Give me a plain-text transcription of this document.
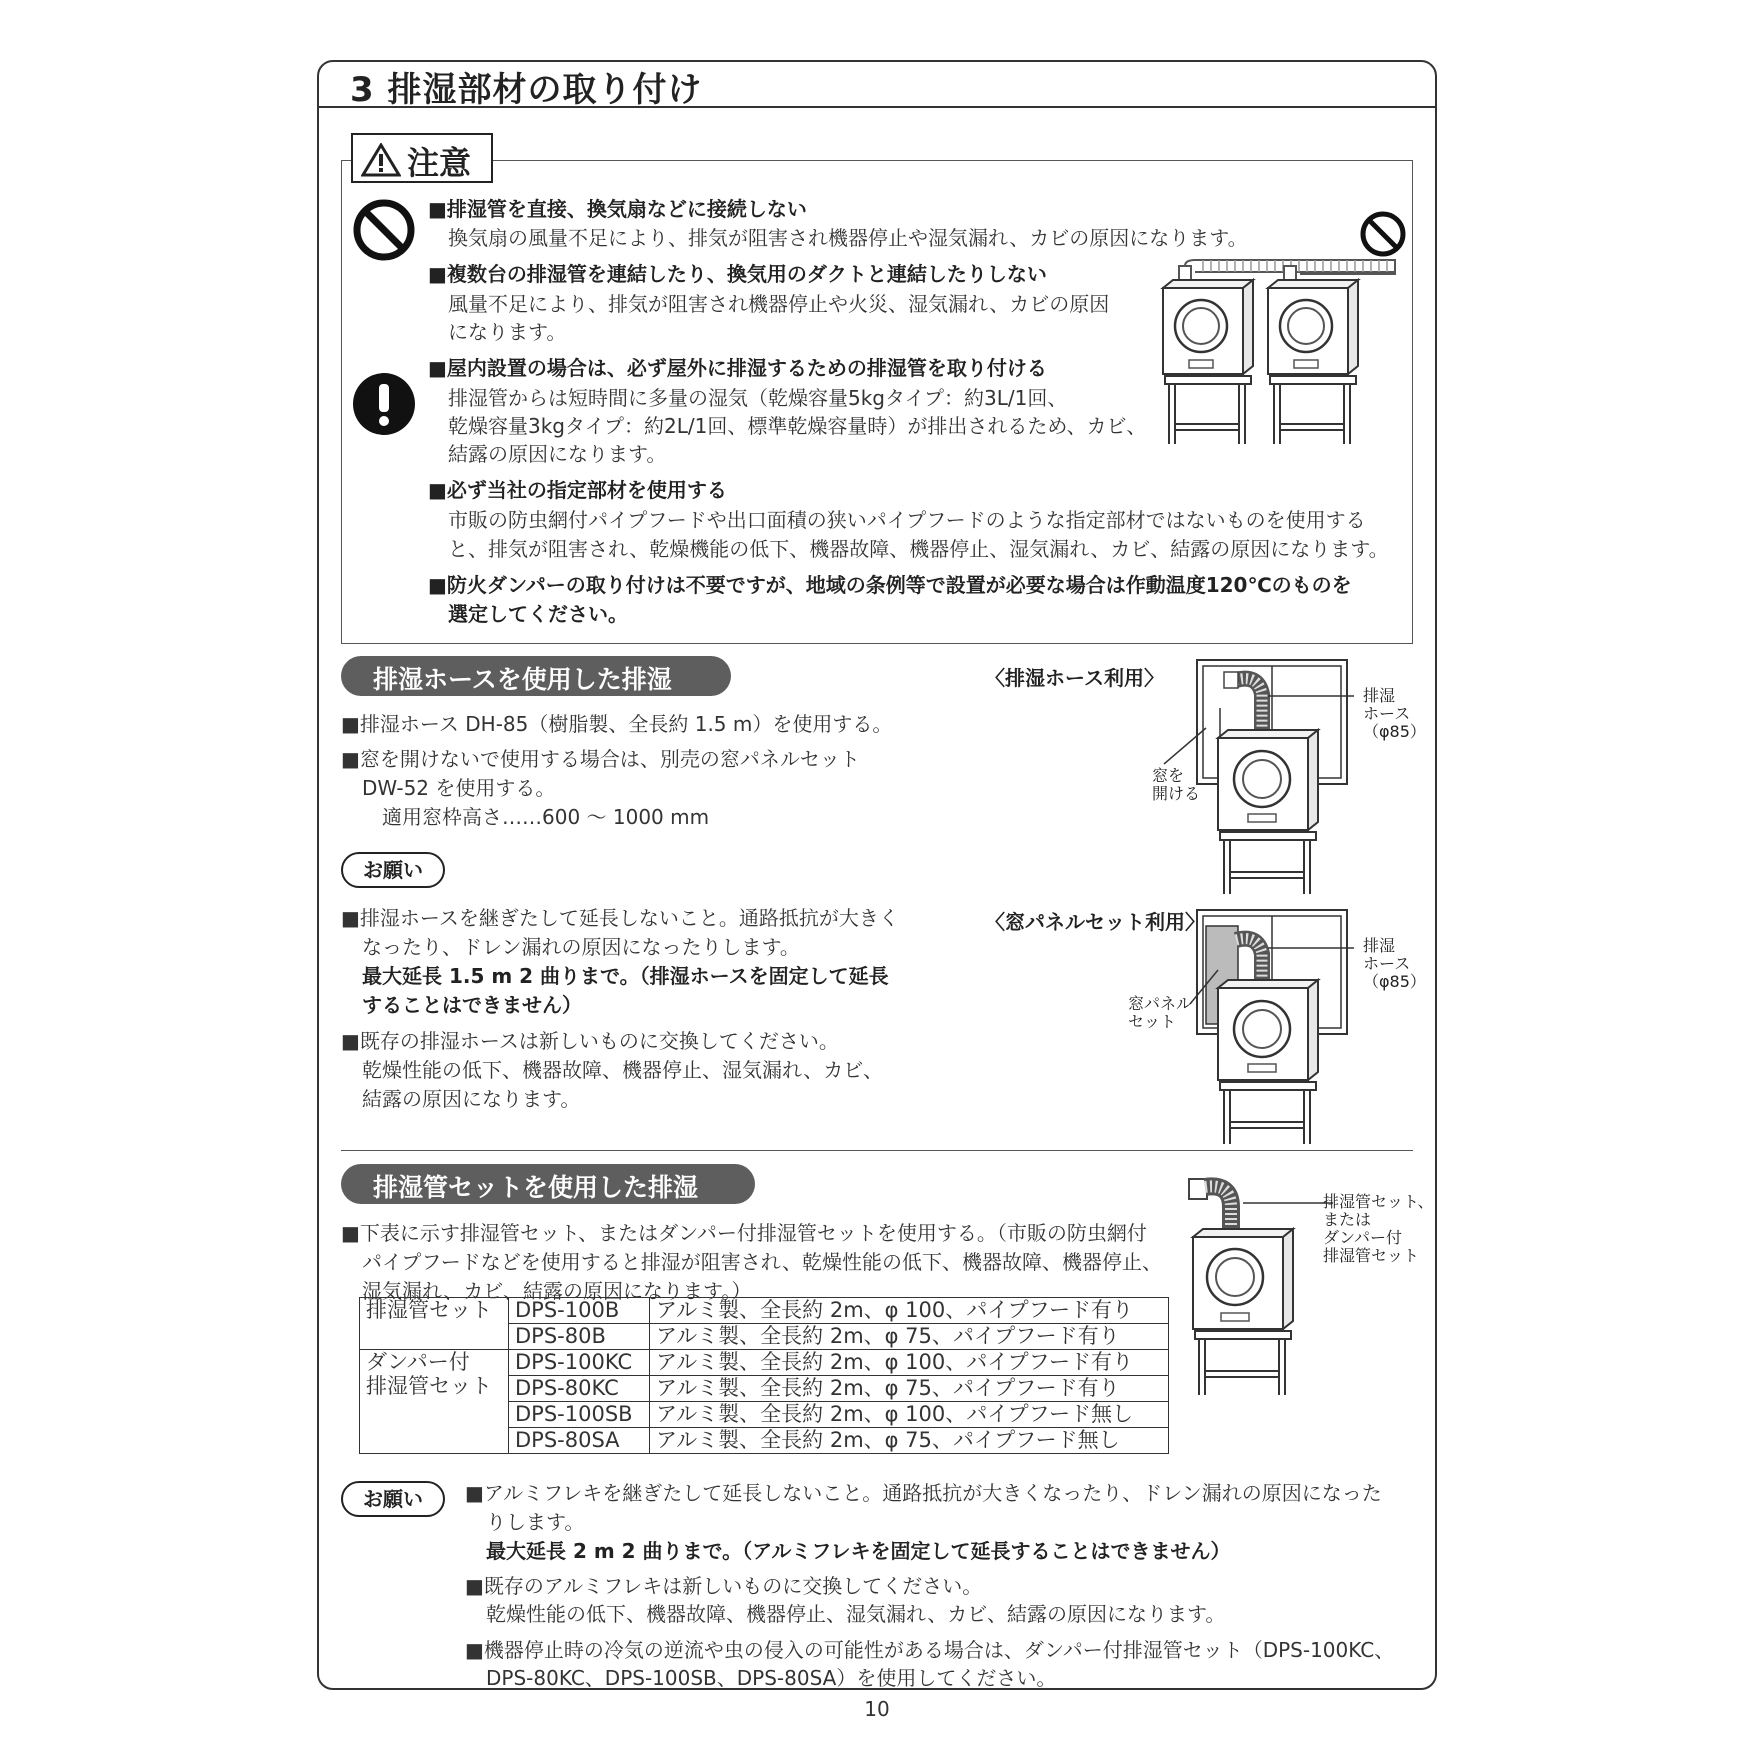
3 排湿部材の取り付け
注意
■排湿管を直接、換気扇などに接続しない
換気扇の風量不足により、排気が阻害され機器停止や湿気漏れ、カビの原因になります。
■複数台の排湿管を連結したり、換気用のダクトと連結したりしない
風量不足により、排気が阻害され機器停止や火災、湿気漏れ、カビの原因
になります。
■屋内設置の場合は、必ず屋外に排湿するための排湿管を取り付ける
排湿管からは短時間に多量の湿気（乾燥容量5kgタイプ：約3L/1回、
乾燥容量3kgタイプ：約2L/1回、標準乾燥容量時）が排出されるため、カビ、
結露の原因になります。
■必ず当社の指定部材を使用する
市販の防虫網付パイプフードや出口面積の狭いパイプフードのような指定部材ではないものを使用する
と、排気が阻害され、乾燥機能の低下、機器故障、機器停止、湿気漏れ、カビ、結露の原因になります。
■防火ダンパーの取り付けは不要ですが、地域の条例等で設置が必要な場合は作動温度120℃のものを
選定してください。
排湿ホースを使用した排湿
■排湿ホース DH-85（樹脂製、全長約 1.5 m）を使用する。
■窓を開けないで使用する場合は、別売の窓パネルセット
DW-52 を使用する。
適用窓枠高さ……600 ～ 1000 mm
お願い
■排湿ホースを継ぎたして延長しないこと。通路抵抗が大きく
なったり、ドレン漏れの原因になったりします。
最大延長 1.5 m 2 曲りまで。（排湿ホースを固定して延長
することはできません）
■既存の排湿ホースは新しいものに交換してください。
乾燥性能の低下、機器故障、機器停止、湿気漏れ、カビ、
結露の原因になります。
〈排湿ホース利用〉
排湿
ホース
（φ85）
窓を
開ける
〈窓パネルセット利用〉
排湿
ホース
（φ85）
窓パネル
セット
排湿管セットを使用した排湿
■下表に示す排湿管セット、またはダンパー付排湿管セットを使用する。（市販の防虫網付
パイプフードなどを使用すると排湿が阻害され、乾燥性能の低下、機器故障、機器停止、
湿気漏れ、カビ、結露の原因になります。）
排湿管セット	DPS-100B	アルミ製、全長約 2m、φ 100、パイプフード有り
	DPS-80B	アルミ製、全長約 2m、φ 75、パイプフード有り

ダンパー付
排湿管セット	DPS-100KC	アルミ製、全長約 2m、φ 100、パイプフード有り
	DPS-80KC	アルミ製、全長約 2m、φ 75、パイプフード有り
	DPS-100SB	アルミ製、全長約 2m、φ 100、パイプフード無し
	DPS-80SA	アルミ製、全長約 2m、φ 75、パイプフード無し
排湿管セット、
または
ダンパー付
排湿管セット
お願い	■アルミフレキを継ぎたして延長しないこと。通路抵抗が大きくなったり、ドレン漏れの原因になった
りします。
最大延長 2 m 2 曲りまで。（アルミフレキを固定して延長することはできません）
■既存のアルミフレキは新しいものに交換してください。
乾燥性能の低下、機器故障、機器停止、湿気漏れ、カビ、結露の原因になります。
■機器停止時の冷気の逆流や虫の侵入の可能性がある場合は、ダンパー付排湿管セット（DPS-100KC、
DPS-80KC、DPS-100SB、DPS-80SA）を使用してください。
10
